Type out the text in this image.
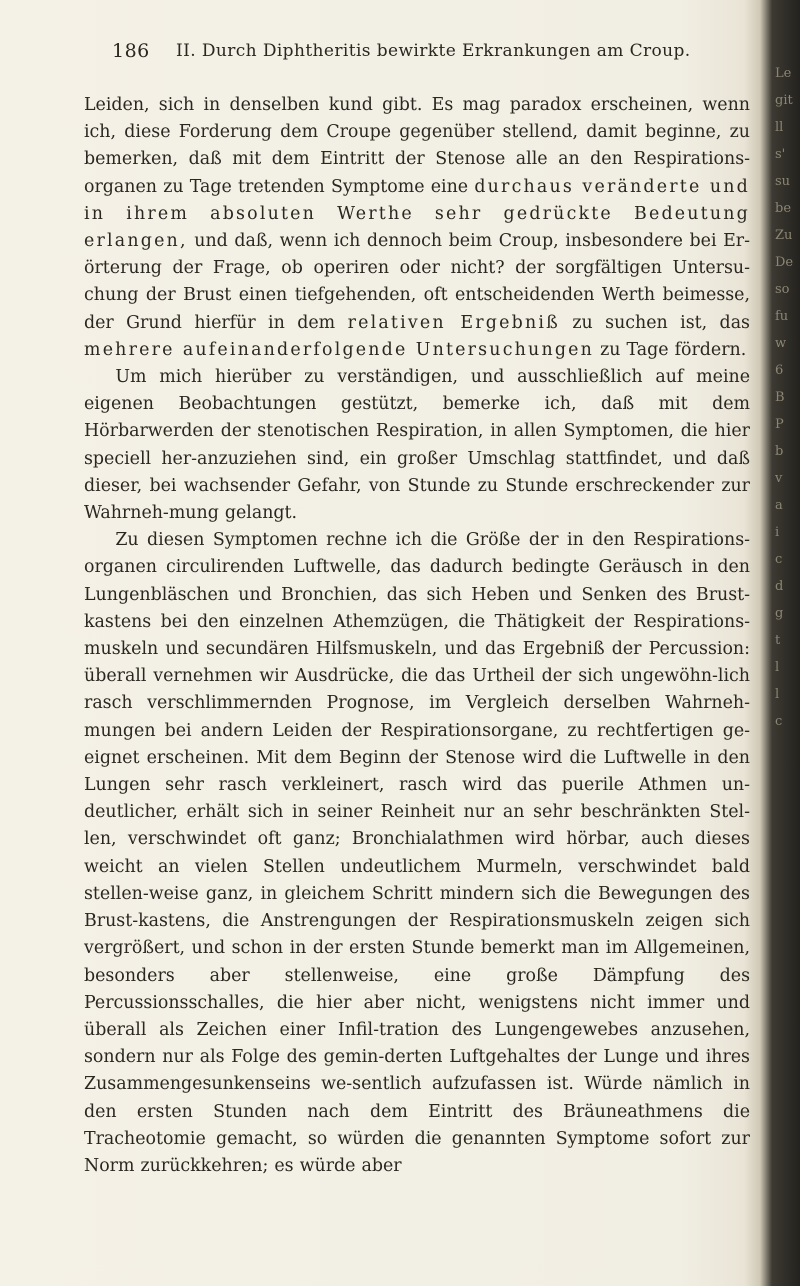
186 II. Durch Diphtheritis bewirkte Erkrankungen am Croup.

Leiden, sich in denselben kund gibt. Es mag paradox erscheinen, wenn ich, diese Forderung dem Croupe gegenüber stellend, damit beginne, zu bemerken, daß mit dem Eintritt der Stenose alle an den Respirations-organen zu Tage tretenden Symptome eine durchaus veränderte und in ihrem absoluten Werthe sehr gedrückte Bedeutung erlangen, und daß, wenn ich dennoch beim Croup, insbesondere bei Er-örterung der Frage, ob operiren oder nicht? der sorgfältigen Untersu-chung der Brust einen tiefgehenden, oft entscheidenden Werth beimesse, der Grund hierfür in dem relativen Ergebniß zu suchen ist, das mehrere aufeinanderfolgende Untersuchungen zu Tage fördern.

Um mich hierüber zu verständigen, und ausschließlich auf meine eigenen Beobachtungen gestützt, bemerke ich, daß mit dem Hörbarwerden der stenotischen Respiration, in allen Symptomen, die hier speciell her-anzuziehen sind, ein großer Umschlag stattfindet, und daß dieser, bei wachsender Gefahr, von Stunde zu Stunde erschreckender zur Wahrneh-mung gelangt.

Zu diesen Symptomen rechne ich die Größe der in den Respirations-organen circulirenden Luftwelle, das dadurch bedingte Geräusch in den Lungenbläschen und Bronchien, das sich Heben und Senken des Brust-kastens bei den einzelnen Athemzügen, die Thätigkeit der Respirations-muskeln und secundären Hilfsmuskeln, und das Ergebniß der Percussion: überall vernehmen wir Ausdrücke, die das Urtheil der sich ungewöhn-lich rasch verschlimmernden Prognose, im Vergleich derselben Wahrneh-mungen bei andern Leiden der Respirationsorgane, zu rechtfertigen ge-eignet erscheinen. Mit dem Beginn der Stenose wird die Luftwelle in den Lungen sehr rasch verkleinert, rasch wird das puerile Athmen un-deutlicher, erhält sich in seiner Reinheit nur an sehr beschränkten Stel-len, verschwindet oft ganz; Bronchialathmen wird hörbar, auch dieses weicht an vielen Stellen undeutlichem Murmeln, verschwindet bald stellen-weise ganz, in gleichem Schritt mindern sich die Bewegungen des Brust-kastens, die Anstrengungen der Respirationsmuskeln zeigen sich vergrößert, und schon in der ersten Stunde bemerkt man im Allgemeinen, besonders aber stellenweise, eine große Dämpfung des Percussionsschalles, die hier aber nicht, wenigstens nicht immer und überall als Zeichen einer Infil-tration des Lungengewebes anzusehen, sondern nur als Folge des gemin-derten Luftgehaltes der Lunge und ihres Zusammengesunkenseins we-sentlich aufzufassen ist. Würde nämlich in den ersten Stunden nach dem Eintritt des Bräuneathmens die Tracheotomie gemacht, so würden die genannten Symptome sofort zur Norm zurückkehren; es würde aber

Le
git
ll
s'
su
be
Zu
De
so
fu
w
6
B
P
b
v
a
i
c
d
g
t
l
l
c
